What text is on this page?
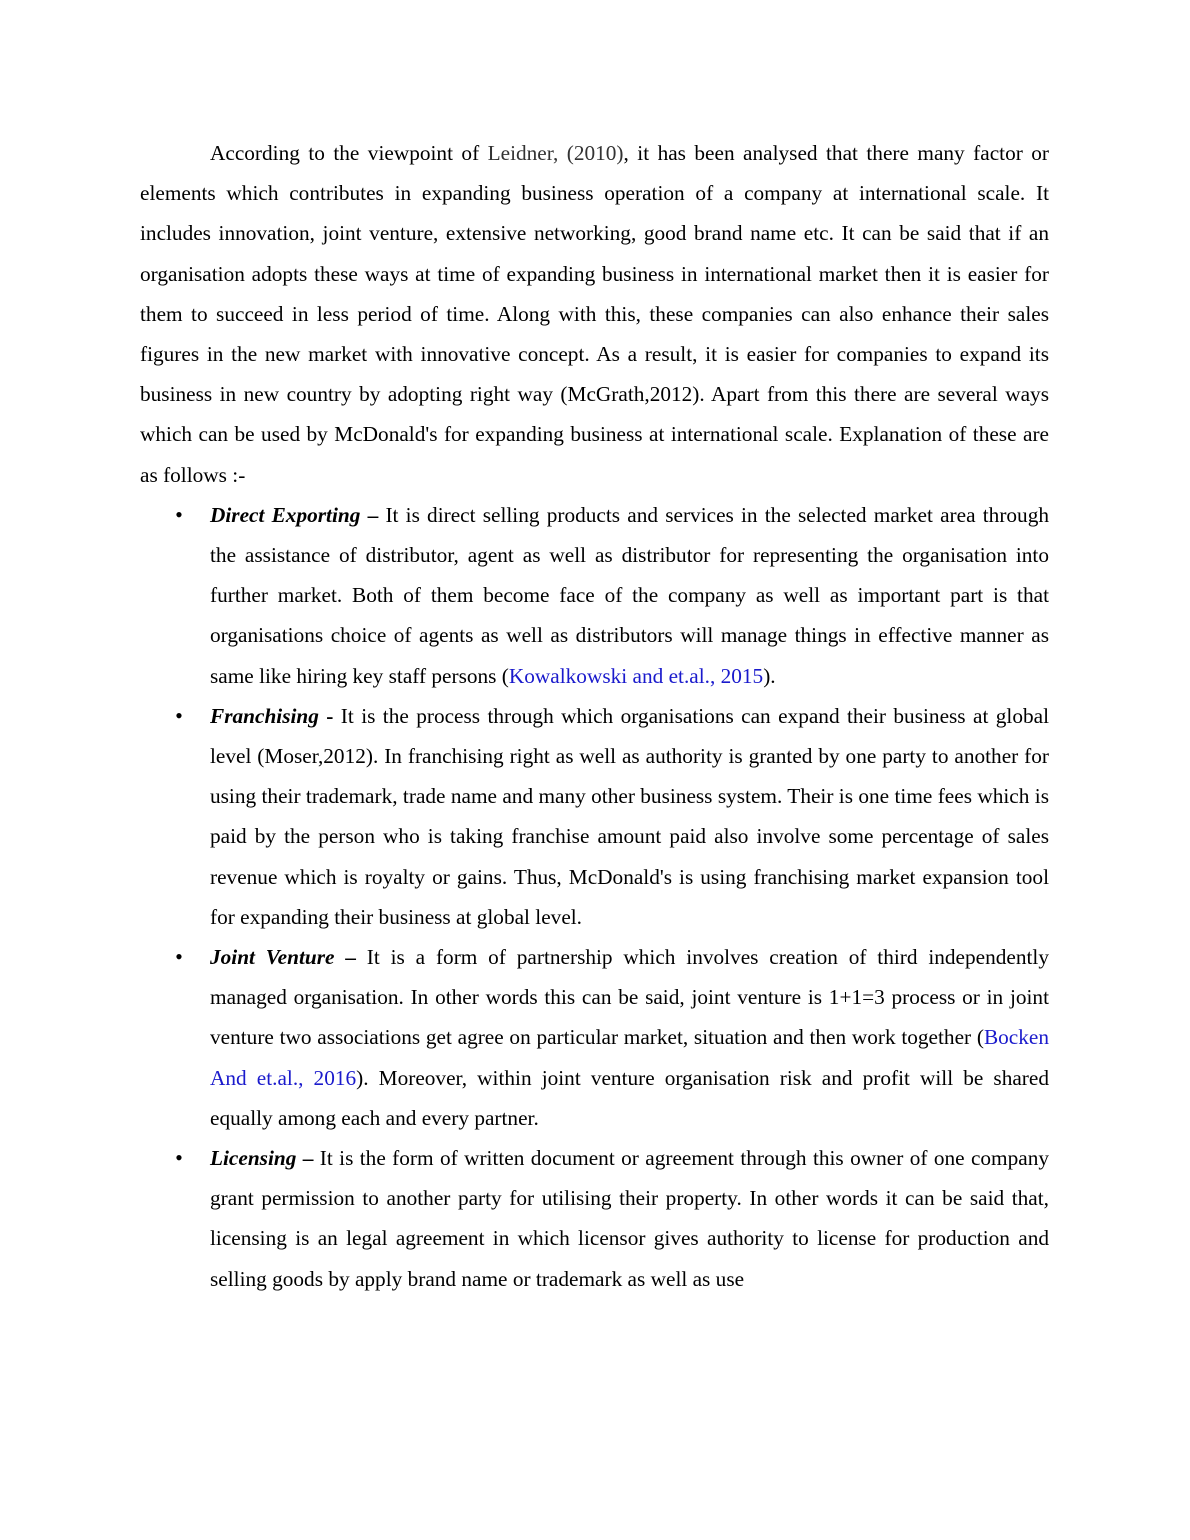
According to the viewpoint of Leidner, (2010), it has been analysed that there many factor or elements which contributes in expanding business operation of a company at international scale. It includes innovation, joint venture, extensive networking, good brand name etc. It can be said that if an organisation adopts these ways at time of expanding business in international market then it is easier for them to succeed in less period of time. Along with this, these companies can also enhance their sales figures in the new market with innovative concept. As a result, it is easier for companies to expand its business in new country by adopting right way (McGrath,2012). Apart from this there are several ways which can be used by McDonald's for expanding business at international scale. Explanation of these are as follows :-

•
Direct Exporting – It is direct selling products and services in the selected market area through the assistance of distributor, agent as well as distributor for representing the organisation into further market. Both of them become face of the company as well as important part is that organisations choice of agents as well as distributors will manage things in effective manner as same like hiring key staff persons (Kowalkowski and et.al., 2015).
•
Franchising - It is the process through which organisations can expand their business at global level (Moser,2012). In franchising right as well as authority is granted by one party to another for using their trademark, trade name and many other business system. Their is one time fees which is paid by the person who is taking franchise amount paid also involve some percentage of sales revenue which is royalty or gains. Thus, McDonald's is using franchising market expansion tool for expanding their business at global level.
•
Joint Venture – It is a form of partnership which involves creation of third independently managed organisation. In other words this can be said, joint venture is 1+1=3 process or in joint venture two associations get agree on particular market, situation and then work together (Bocken And et.al., 2016). Moreover, within joint venture organisation risk and profit will be shared equally among each and every partner.
•
Licensing – It is the form of written document or agreement through this owner of one company grant permission to another party for utilising their property. In other words it can be said that, licensing is an legal agreement in which licensor gives authority to license for production and selling goods by apply brand name or trademark as well as use
